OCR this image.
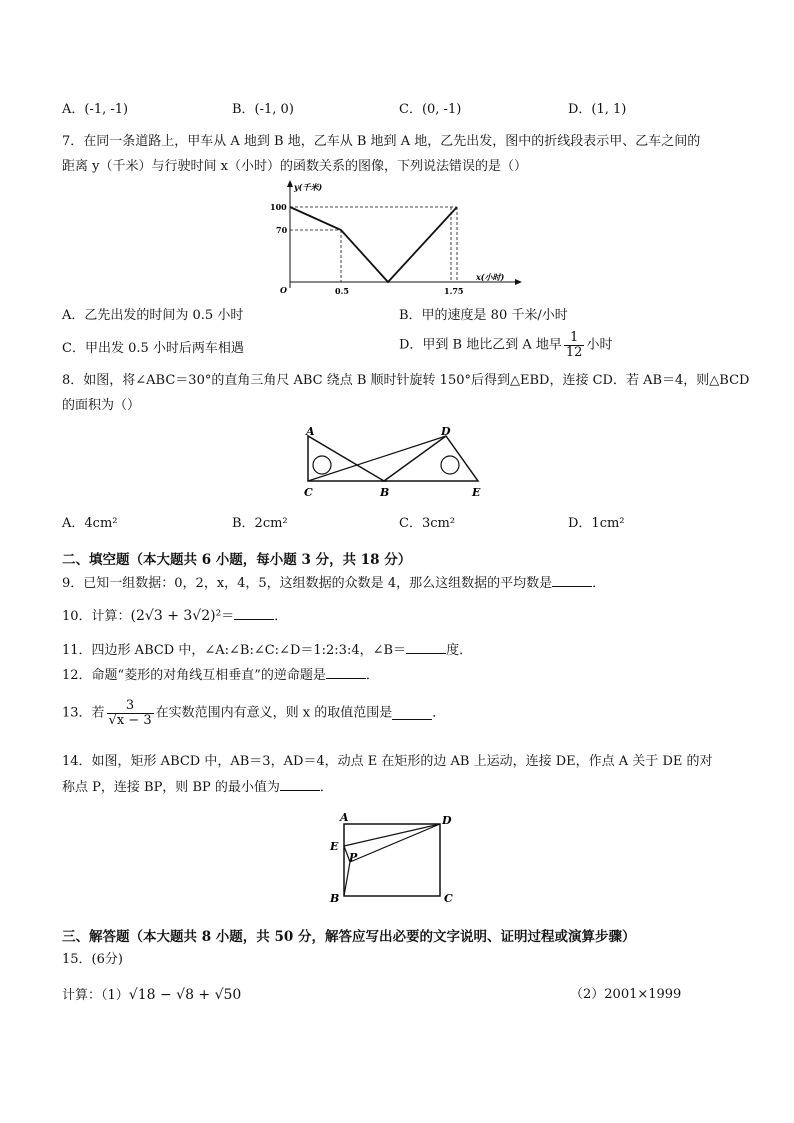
A．(-1, -1)	B．(-1, 0)	C．(0, -1)	D．(1, 1)
7．在同一条道路上，甲车从 A 地到 B 地，乙车从 B 地到 A 地，乙先出发，图中的折线段表示甲、乙车之间的
距离 y（千米）与行驶时间 x（小时）的函数关系的图像，下列说法错误的是（）
y(千米)
x(小时)
100
70
O	0.5	1.75
A．乙先出发的时间为 0.5 小时	B．甲的速度是 80 千米/小时
C．甲出发 0.5 小时后两车相遇	D．甲到 B 地比乙到 A 地早 $\frac{1}{12}$ 小时
8．如图，将∠ABC＝30°的直角三角尺 ABC 绕点 B 顺时针旋转 150°后得到△EBD，连接 CD．若 AB＝4，则△BCD
的面积为（）
A	D
C	B	E
A．4cm²	B．2cm²	C．3cm²	D．1cm²
二、填空题（本大题共 6 小题，每小题 3 分，共 18 分）
9．已知一组数据：0，2，x，4，5，这组数据的众数是 4，那么这组数据的平均数是	．
10．计算：(2√3 + 3√2)²＝	．
11．四边形 ABCD 中，∠A:∠B:∠C:∠D＝1:2:3:4，∠B＝	度．
12．命题“菱形的对角线互相垂直”的逆命题是	．
13．若 $\frac{3}{√x - 3}$ 在实数范围内有意义，则 x 的取值范围是	．
14．如图，矩形 ABCD 中，AB＝3，AD＝4，动点 E 在矩形的边 AB 上运动，连接 DE，作点 A 关于 DE 的对
称点 P，连接 BP，则 BP 的最小值为	．
A	D
E
P
B	C
三、解答题（本大题共 8 小题，共 50 分，解答应写出必要的文字说明、证明过程或演算步骤）
15．(6分)
计算：（1）√18 − √8 + √50	（2）2001×1999
